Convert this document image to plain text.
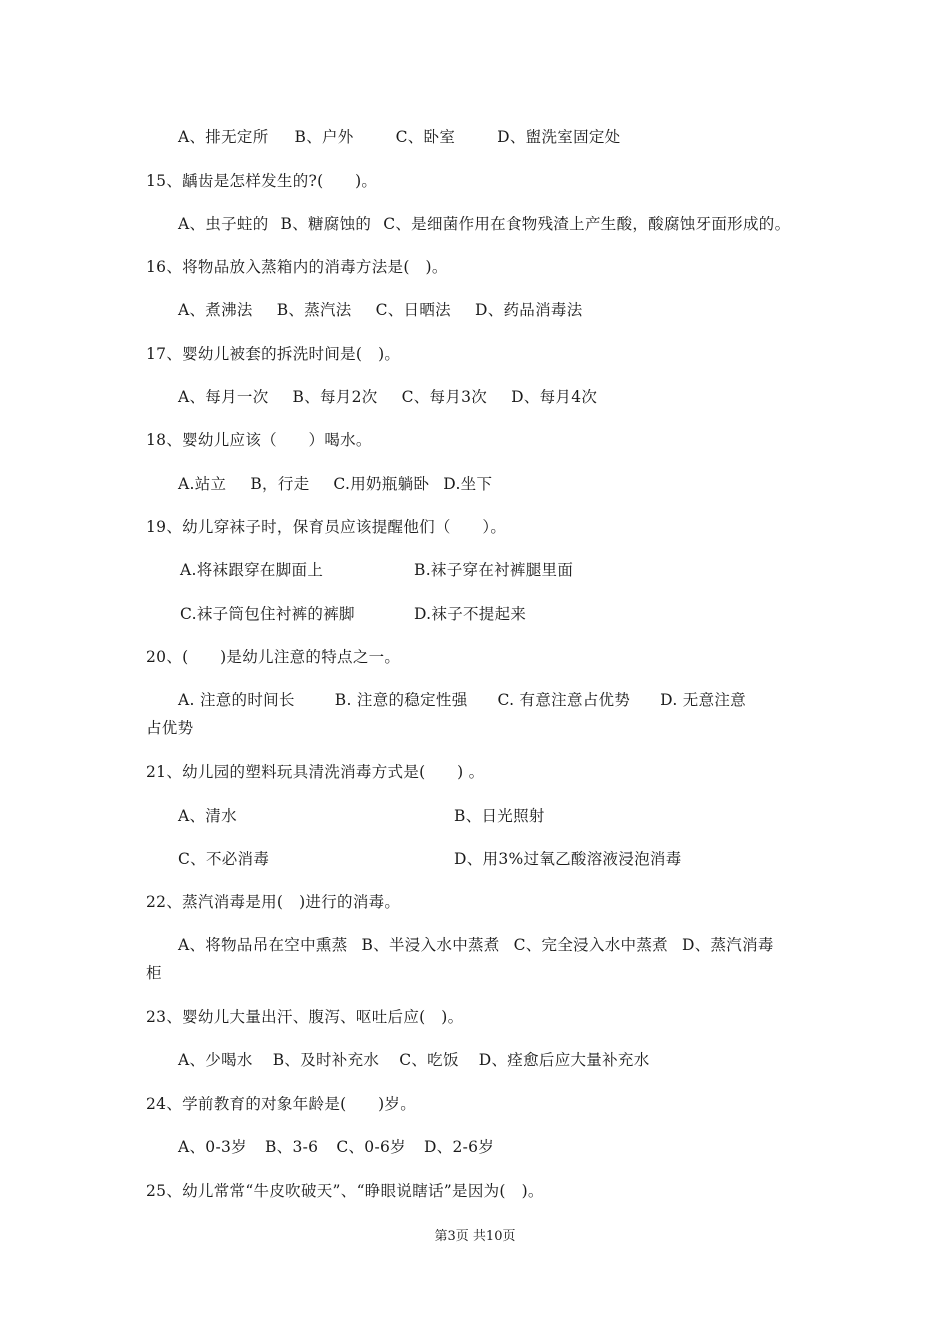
A、排无定所 B、户外	C、卧室	D、盥洗室固定处
15、龋齿是怎样发生的?(　　)。
A、虫子蛀的 B、糖腐蚀的 C、是细菌作用在食物残渣上产生酸，酸腐蚀牙面形成的。
16、将物品放入蒸箱内的消毒方法是(　)。
A、煮沸法 B、蒸汽法 C、日晒法 D、药品消毒法
17、婴幼儿被套的拆洗时间是(　)。
A、每月一次 B、每月2次 C、每月3次 D、每月4次
18、婴幼儿应该（　　）喝水。
A.站立 B，行走 C.用奶瓶躺卧 D.坐下
19、幼儿穿袜子时，保育员应该提醒他们（　　）。
A.将袜跟穿在脚面上	B.袜子穿在衬裤腿里面
C.袜子筒包住衬裤的裤脚	D.袜子不提起来
20、(　　)是幼儿注意的特点之一。
A. 注意的时间长	B. 注意的稳定性强 C. 有意注意占优势 D. 无意注意
占优势
21、幼儿园的塑料玩具清洗消毒方式是(　　) 。
A、清水	B、日光照射
C、不必消毒	D、用3%过氧乙酸溶液浸泡消毒
22、蒸汽消毒是用(　)进行的消毒。
A、将物品吊在空中熏蒸 B、半浸入水中蒸煮 C、完全浸入水中蒸煮 D、蒸汽消毒
柜
23、婴幼儿大量出汗、腹泻、呕吐后应(　)。
A、少喝水 B、及时补充水 C、吃饭 D、痊愈后应大量补充水
24、学前教育的对象年龄是(　　)岁。
A、0-3岁 B、3-6 C、0-6岁 D、2-6岁
25、幼儿常常“牛皮吹破天”、“睁眼说瞎话”是因为(　)。
第3页 共10页
